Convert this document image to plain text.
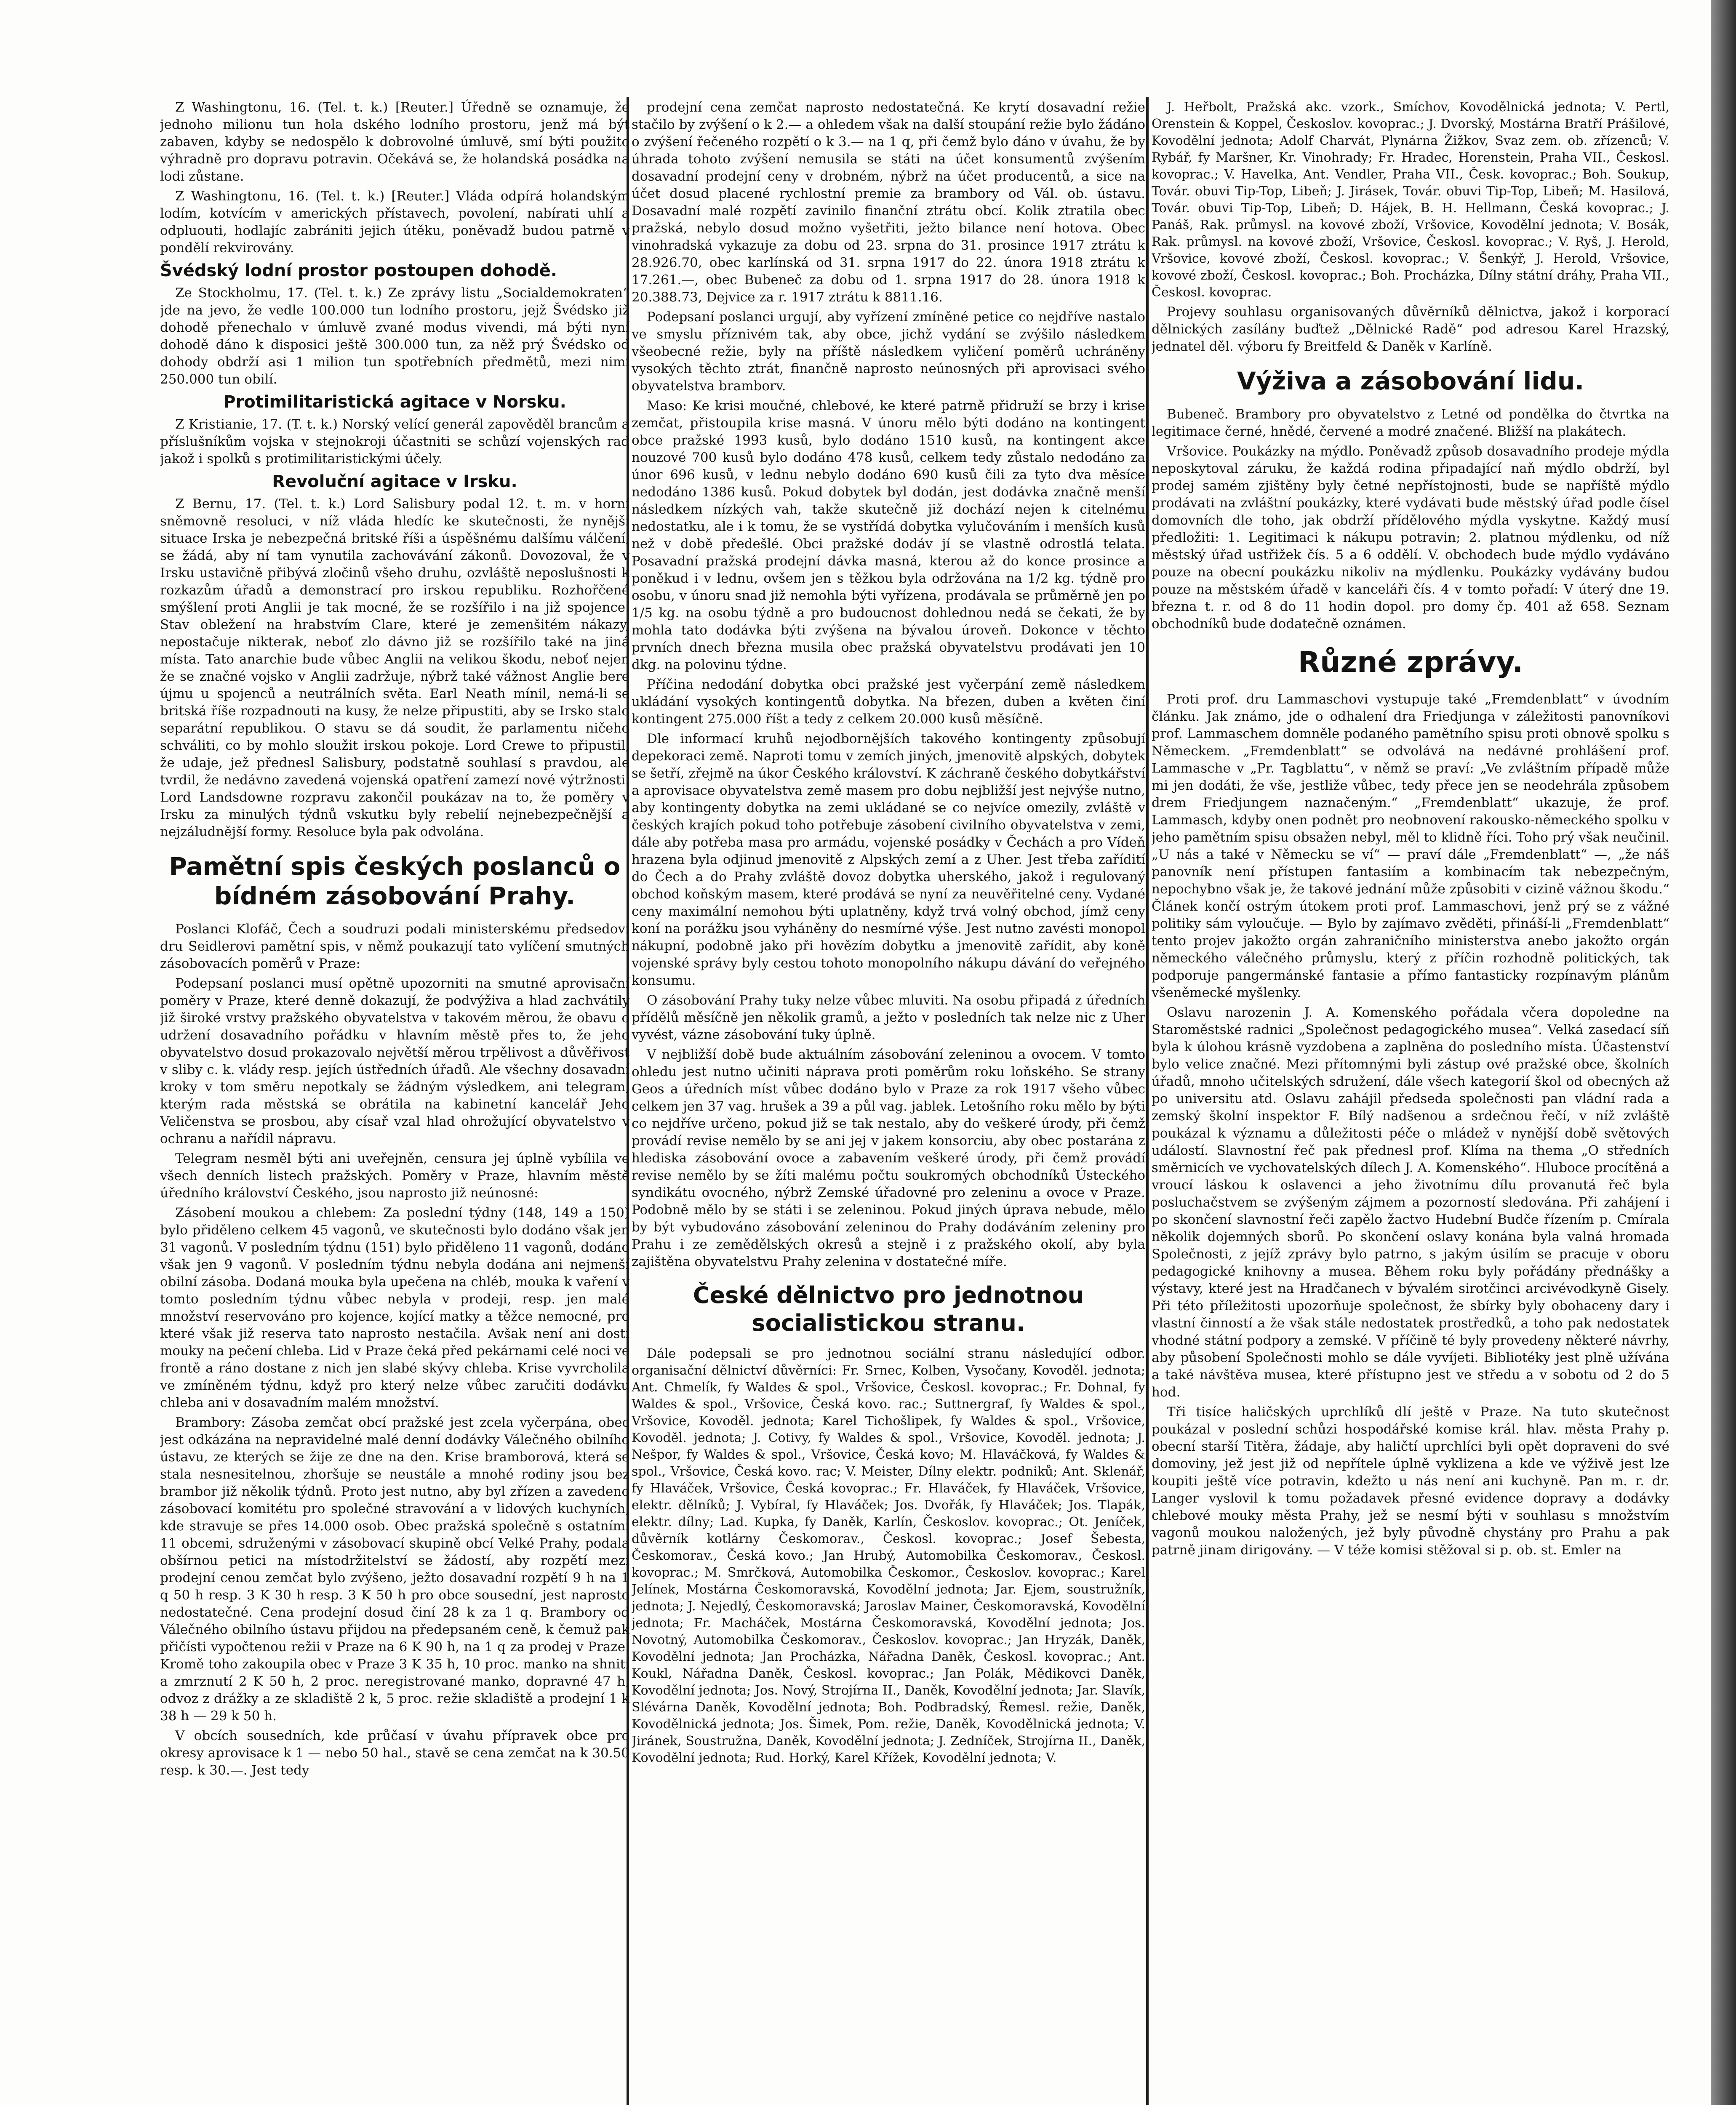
Z Washingtonu, 16. (Tel. t. k.) [Reuter.] Úředně se oznamuje, že jednoho milionu tun hola dského lodního prostoru, jenž má být zabaven, kdyby se nedospělo k dobrovolné úmluvě, smí býti použito výhradně pro dopravu potravin. Očekává se, že holandská posádka na lodi zůstane.

Z Washingtonu, 16. (Tel. t. k.) [Reuter.] Vláda odpírá holandským lodím, kotvícím v amerických přístavech, povolení, nabírati uhlí a odpluouti, hodlajíc zabrániti jejich útěku, poněvadž budou patrně v pondělí rekvirovány.

Švédský lodní prostor postoupen dohodě.

Ze Stockholmu, 17. (Tel. t. k.) Ze zprávy listu „Socialdemokraten“ jde na jevo, že vedle 100.000 tun lodního prostoru, jejž Švédsko již dohodě přenechalo v úmluvě zvané modus vivendi, má býti nyní dohodě dáno k disposici ještě 300.000 tun, za něž prý Švédsko od dohody obdrží asi 1 milion tun spotřebních předmětů, mezi nimi 250.000 tun obilí.

Protimilitaristická agitace v Norsku.

Z Kristianie, 17. (T. t. k.) Norský velící generál zapověděl brancům a příslušníkům vojska v stejnokroji účastniti se schůzí vojenských rad jakož i spolků s protimilitaristickými účely.

Revoluční agitace v Irsku.

Z Bernu, 17. (Tel. t. k.) Lord Salisbury podal 12. t. m. v horní sněmovně resoluci, v níž vláda hledíc ke skutečnosti, že nynější situace Irska je nebezpečná britské říši a úspěšnému dalšímu válčení, se žádá, aby ní tam vynutila zachovávání zákonů. Dovozoval, že v Irsku ustavičně přibývá zločinů všeho druhu, ozvláště neposlušnosti k rozkazům úřadů a demonstrací pro irskou republiku. Rozhořčené smýšlení proti Anglii je tak mocné, že se rozšířilo i na již spojence. Stav obležení na hrabstvím Clare, které je zemenšitém nákazy, nepostačuje nikterak, neboť zlo dávno již se rozšířilo také na jiná místa. Tato anarchie bude vůbec Anglii na velikou škodu, neboť nejen že se značné vojsko v Anglii zadržuje, nýbrž také vážnost Anglie bere újmu u spojenců a neutrálních světa. Earl Neath mínil, nemá-li se britská říše rozpadnouti na kusy, že nelze připustiti, aby se Irsko stalo separátní republikou. O stavu se dá soudit, že parlamentu ničeho schváliti, co by mohlo sloužit irskou pokoje. Lord Crewe to připustil, že udaje, jež přednesl Salisbury, podstatně souhlasí s pravdou, ale tvrdil, že nedávno zavedená vojenská opatření zamezí nové výtržnosti. Lord Landsdowne rozpravu zakončil poukázav na to, že poměry v Irsku za minulých týdnů vskutku byly rebelií nejnebezpečnější a nejzáludnější formy. Resoluce byla pak odvolána.

Pamětní spis českých poslanců o bídném zásobování Prahy.

Poslanci Klofáč, Čech a soudruzi podali ministerskému předsedovi dru Seidlerovi pamětní spis, v němž poukazují tato vylíčení smutných zásobovacích poměrů v Praze:

Podepsaní poslanci musí opětně upozorniti na smutné aprovisační poměry v Praze, které denně dokazují, že podvýživa a hlad zachvátily již široké vrstvy pražského obyvatelstva v takovém měrou, že obavu o udržení dosavadního pořádku v hlavním městě přes to, že jeho obyvatelstvo dosud prokazovalo největší měrou trpělivost a důvěřivost v sliby c. k. vlády resp. jejích ústředních úřadů. Ale všechny dosavadní kroky v tom směru nepotkaly se žádným výsledkem, ani telegram, kterým rada městská se obrátila na kabinetní kancelář Jeho Veličenstva se prosbou, aby císař vzal hlad ohrožující obyvatelstvo v ochranu a nařídil nápravu.

Telegram nesměl býti ani uveřejněn, censura jej úplně vybílila ve všech denních listech pražských. Poměry v Praze, hlavním městě úředního království Českého, jsou naprosto již neúnosné:

Zásobení moukou a chlebem: Za poslední týdny (148, 149 a 150) bylo přiděleno celkem 45 vagonů, ve skutečnosti bylo dodáno však jen 31 vagonů. V posledním týdnu (151) bylo přiděleno 11 vagonů, dodáno však jen 9 vagonů. V posledním týdnu nebyla dodána ani nejmenší obilní zásoba. Dodaná mouka byla upečena na chléb, mouka k vaření v tomto posledním týdnu vůbec nebyla v prodeji, resp. jen malé množství reservováno pro kojence, kojící matky a těžce nemocné, pro které však již reserva tato naprosto nestačila. Avšak není ani dosti mouky na pečení chleba. Lid v Praze čeká před pekárnami celé noci ve frontě a ráno dostane z nich jen slabé skývy chleba. Krise vyvrcholila ve zmíněném týdnu, když pro který nelze vůbec zaručiti dodávku chleba ani v dosavadním malém množství.

Brambory: Zásoba zemčat obcí pražské jest zcela vyčerpána, obec jest odkázána na nepravidelné malé denní dodávky Válečného obilního ústavu, ze kterých se žije ze dne na den. Krise bramborová, která se stala nesnesitelnou, zhoršuje se neustále a mnohé rodiny jsou bez brambor již několik týdnů. Proto jest nutno, aby byl zřízen a zavedeno zásobovací komitétu pro společné stravování a v lidových kuchyních, kde stravuje se přes 14.000 osob. Obec pražská společně s ostatními 11 obcemi, sdruženými v zásobovací skupině obcí Velké Prahy, podala obšírnou petici na místodržitelství se žádostí, aby rozpětí mezi prodejní cenou zemčat bylo zvýšeno, ježto dosavadní rozpětí 9 h na 1 q 50 h resp. 3 K 30 h resp. 3 K 50 h pro obce sousední, jest naprosto nedostatečné. Cena prodejní dosud činí 28 k za 1 q. Brambory od Válečného obilního ústavu přijdou na předepsaném ceně, k čemuž pak přičísti vypočtenou režii v Praze na 6 K 90 h, na 1 q za prodej v Praze. Kromě toho zakoupila obec v Praze 3 K 35 h, 10 proc. manko na shnití a zmrznutí 2 K 50 h, 2 proc. neregistrované manko, dopravné 47 h, odvoz z drážky a ze skladiště 2 k, 5 proc. režie skladiště a prodejní 1 k 38 h — 29 k 50 h.

V obcích sousedních, kde průčasí v úvahu přípravek obce pro okresy aprovisace k 1 — nebo 50 hal., stavě se cena zemčat na k 30.50 resp. k 30.—. Jest tedy

prodejní cena zemčat naprosto nedostatečná. Ke krytí dosavadní režie stačilo by zvýšení o k 2.— a ohledem však na další stoupání režie bylo žádáno o zvýšení řečeného rozpětí o k 3.— na 1 q, při čemž bylo dáno v úvahu, že by úhrada tohoto zvýšení nemusila se státi na účet konsumentů zvýšením dosavadní prodejní ceny v drobném, nýbrž na účet producentů, a sice na účet dosud placené rychlostní premie za brambory od Vál. ob. ústavu. Dosavadní malé rozpětí zavinilo finanční ztrátu obcí. Kolik ztratila obec pražská, nebylo dosud možno vyšetřiti, ježto bilance není hotova. Obec vinohradská vykazuje za dobu od 23. srpna do 31. prosince 1917 ztrátu k 28.926.70, obec karlínská od 31. srpna 1917 do 22. února 1918 ztrátu k 17.261.—, obec Bubeneč za dobu od 1. srpna 1917 do 28. února 1918 k 20.388.73, Dejvice za r. 1917 ztrátu k 8811.16.

Podepsaní poslanci urgují, aby vyřízení zmíněné petice co nejdříve nastalo ve smyslu příznivém tak, aby obce, jichž vydání se zvýšilo následkem všeobecné režie, byly na příště následkem vyličení poměrů uchráněny vysokých těchto ztrát, finančně naprosto neúnosných při aprovisaci svého obyvatelstva bramborv.

Maso: Ke krisi moučné, chlebové, ke které patrně přidruží se brzy i krise zemčat, přistoupila krise masná. V únoru mělo býti dodáno na kontingent obce pražské 1993 kusů, bylo dodáno 1510 kusů, na kontingent akce nouzové 700 kusů bylo dodáno 478 kusů, celkem tedy zůstalo nedodáno za únor 696 kusů, v lednu nebylo dodáno 690 kusů čili za tyto dva měsíce nedodáno 1386 kusů. Pokud dobytek byl dodán, jest dodávka značně menší následkem nízkých vah, takže skutečně již dochází nejen k citelnému nedostatku, ale i k tomu, že se vystřídá dobytka vylučováním i menších kusů než v době předešlé. Obci pražské dodáv jí se vlastně odrostlá telata. Posavadní pražská prodejní dávka masná, kterou až do konce prosince a poněkud i v lednu, ovšem jen s těžkou byla održována na 1/2 kg. týdně pro osobu, v únoru snad již nemohla býti vyřízena, prodávala se průměrně jen po 1/5 kg. na osobu týdně a pro budoucnost dohlednou nedá se čekati, že by mohla tato dodávka býti zvýšena na bývalou úroveň. Dokonce v těchto prvních dnech března musila obec pražská obyvatelstvu prodávati jen 10 dkg. na polovinu týdne.

Příčina nedodání dobytka obci pražské jest vyčerpání země následkem ukládání vysokých kontingentů dobytka. Na březen, duben a květen činí kontingent 275.000 říšt a tedy z celkem 20.000 kusů měsíčně.

Dle informací kruhů nejodbornějších takového kontingenty způsobují depekoraci země. Naproti tomu v zemích jiných, jmenovitě alpských, dobytek se šetří, zřejmě na úkor Českého království. K záchraně českého dobytkářství a aprovisace obyvatelstva země masem pro dobu nejbližší jest nejvýše nutno, aby kontingenty dobytka na zemi ukládané se co nejvíce omezily, zvláště v českých krajích pokud toho potřebuje zásobení civilního obyvatelstva v zemi, dále aby potřeba masa pro armádu, vojenské posádky v Čechách a pro Vídeň hrazena byla odjinud jmenovitě z Alpských zemí a z Uher. Jest třeba zařídití do Čech a do Prahy zvláště dovoz dobytka uherského, jakož i regulovaný obchod koňským masem, které prodává se nyní za neuvěřitelné ceny. Vydané ceny maximální nemohou býti uplatněny, když trvá volný obchod, jímž ceny koní na porážku jsou vyháněny do nesmírné výše. Jest nutno zavésti monopol nákupní, podobně jako při hovězím dobytku a jmenovitě zařídit, aby koně vojenské správy byly cestou tohoto monopolního nákupu dávání do veřejného konsumu.

O zásobování Prahy tuky nelze vůbec mluviti. Na osobu připadá z úředních přídělů měsíčně jen několik gramů, a ježto v posledních tak nelze nic z Uher vyvést, vázne zásobování tuky úplně.

V nejbližší době bude aktuálním zásobování zeleninou a ovocem. V tomto ohledu jest nutno učiniti náprava proti poměrům roku loňského. Se strany Geos a úředních míst vůbec dodáno bylo v Praze za rok 1917 všeho vůbec celkem jen 37 vag. hrušek a 39 a půl vag. jablek. Letošního roku mělo by býti co nejdříve určeno, pokud již se tak nestalo, aby do veškeré úrody, při čemž provádí revise nemělo by se ani jej v jakem konsorciu, aby obec postarána z hlediska zásobování ovoce a zabavením veškeré úrody, při čemž provádí revise nemělo by se žíti malému počtu soukromých obchodníků Ústeckého syndikátu ovocného, nýbrž Zemské úřadovné pro zeleninu a ovoce v Praze. Podobně mělo by se státi i se zeleninou. Pokud jiných úprava nebude, mělo by být vybudováno zásobování zeleninou do Prahy dodáváním zeleniny pro Prahu i ze zemědělských okresů a stejně i z pražského okolí, aby byla zajištěna obyvatelstvu Prahy zelenina v dostatečné míře.

České dělnictvo pro jednotnou socialistickou stranu.

Dále podepsali se pro jednotnou sociální stranu následující odbor. organisační dělnictví důvěrníci: Fr. Srnec, Kolben, Vysočany, Kovoděl. jednota; Ant. Chmelík, fy Waldes & spol., Vršovice, Českosl. kovoprac.; Fr. Dohnal, fy Waldes & spol., Vršovice, Česká kovo. rac.; Suttnergraf, fy Waldes & spol., Vršovice, Kovoděl. jednota; Karel Tichošlipek, fy Waldes & spol., Vršovice, Kovoděl. jednota; J. Cotivy, fy Waldes & spol., Vršovice, Kovoděl. jednota; J. Nešpor, fy Waldes & spol., Vršovice, Česká kovo; M. Hlaváčková, fy Waldes & spol., Vršovice, Česká kovo. rac; V. Meister, Dílny elektr. podniků; Ant. Sklenář, fy Hlaváček, Vršovice, Česká kovoprac.; Fr. Hlaváček, fy Hlaváček, Vršovice, elektr. dělníků; J. Vybíral, fy Hlaváček; Jos. Dvořák, fy Hlaváček; Jos. Tlapák, elektr. dílny; Lad. Kupka, fy Daněk, Karlín, Českoslov. kovoprac.; Ot. Jeníček, důvěrník kotlárny Českomorav., Českosl. kovoprac.; Josef Šebesta, Českomorav., Česká kovo.; Jan Hrubý, Automobilka Českomorav., Českosl. kovoprac.; M. Smrčková, Automobilka Českomor., Českoslov. kovoprac.; Karel Jelínek, Mostárna Českomoravská, Kovodělní jednota; Jar. Ejem, soustružník, jednota; J. Nejedlý, Českomoravská; Jaroslav Mainer, Českomoravská, Kovodělní jednota; Fr. Macháček, Mostárna Českomoravská, Kovodělní jednota; Jos. Novotný, Automobilka Českomorav., Českoslov. kovoprac.; Jan Hryzák, Daněk, Kovodělní jednota; Jan Procházka, Nářadna Daněk, Českosl. kovoprac.; Ant. Koukl, Nářadna Daněk, Českosl. kovoprac.; Jan Polák, Mědikovci Daněk, Kovodělní jednota; Jos. Nový, Strojírna II., Daněk, Kovodělní jednota; Jar. Slavík, Slévárna Daněk, Kovodělní jednota; Boh. Podbradský, Řemesl. režie, Daněk, Kovodělnická jednota; Jos. Šimek, Pom. režie, Daněk, Kovodělnická jednota; V. Jiránek, Soustružna, Daněk, Kovodělní jednota; J. Zedníček, Strojírna II., Daněk, Kovodělní jednota; Rud. Horký, Karel Křížek, Kovodělní jednota; V.

J. Heřbolt, Pražská akc. vzork., Smíchov, Kovodělnická jednota; V. Pertl, Orenstein & Koppel, Českoslov. kovoprac.; J. Dvorský, Mostárna Bratří Prášilové, Kovodělní jednota; Adolf Charvát, Plynárna Žižkov, Svaz zem. ob. zřízenců; V. Rybář, fy Maršner, Kr. Vinohrady; Fr. Hradec, Horenstein, Praha VII., Českosl. kovoprac.; V. Havelka, Ant. Vendler, Praha VII., Česk. kovoprac.; Boh. Soukup, Továr. obuvi Tip-Top, Libeň; J. Jirásek, Továr. obuvi Tip-Top, Libeň; M. Hasilová, Továr. obuvi Tip-Top, Libeň; D. Hájek, B. H. Hellmann, Česká kovoprac.; J. Panáš, Rak. průmysl. na kovové zboží, Vršovice, Kovodělní jednota; V. Bosák, Rak. průmysl. na kovové zboží, Vršovice, Českosl. kovoprac.; V. Ryš, J. Herold, Vršovice, kovové zboží, Českosl. kovoprac.; V. Šenkýř, J. Herold, Vršovice, kovové zboží, Českosl. kovoprac.; Boh. Procházka, Dílny státní dráhy, Praha VII., Českosl. kovoprac.

Projevy souhlasu organisovaných důvěrníků dělnictva, jakož i korporací dělnických zasílány buďtež „Dělnické Radě“ pod adresou Karel Hrazský, jednatel děl. výboru fy Breitfeld & Daněk v Karlíně.

Výživa a zásobování lidu.

Bubeneč. Brambory pro obyvatelstvo z Letné od pondělka do čtvrtka na legitimace černé, hnědé, červené a modré značené. Bližší na plakátech.

Vršovice. Poukázky na mýdlo. Poněvadž způsob dosavadního prodeje mýdla neposkytoval záruku, že každá rodina připadající naň mýdlo obdrží, byl prodej samém zjištěny byly četné nepřístojnosti, bude se napříště mýdlo prodávati na zvláštní poukázky, které vydávati bude městský úřad podle čísel domovních dle toho, jak obdrží přídělového mýdla vyskytne. Každý musí předložiti: 1. Legitimaci k nákupu potravin; 2. platnou mýdlenku, od níž městský úřad ustřižek čís. 5 a 6 oddělí. V. obchodech bude mýdlo vydáváno pouze na obecní poukázku nikoliv na mýdlenku. Poukázky vydávány budou pouze na městském úřadě v kanceláři čís. 4 v tomto pořadí: V úterý dne 19. března t. r. od 8 do 11 hodin dopol. pro domy čp. 401 až 658. Seznam obchodníků bude dodatečně oznámen.

Různé zprávy.

Proti prof. dru Lammaschovi vystupuje také „Fremdenblatt“ v úvodním článku. Jak známo, jde o odhalení dra Friedjunga v záležitosti panovníkovi prof. Lammaschem domněle podaného pamětního spisu proti obnově spolku s Německem. „Fremdenblatt“ se odvolává na nedávné prohlášení prof. Lammasche v „Pr. Tagblattu“, v němž se praví: „Ve zvláštním případě může mi jen dodáti, že vše, jestliže vůbec, tedy přece jen se neodehrála způsobem drem Friedjungem naznačeným.“ „Fremdenblatt“ ukazuje, že prof. Lammasch, kdyby onen podnět pro neobnovení rakousko-německého spolku v jeho pamětním spisu obsažen nebyl, měl to klidně říci. Toho prý však neučinil. „U nás a také v Německu se ví“ — praví dále „Fremdenblatt“ —, „že náš panovník není přístupen fantasiím a kombinacím tak nebezpečným, nepochybno však je, že takové jednání může způsobiti v cizině vážnou škodu.“ Článek končí ostrým útokem proti prof. Lammaschovi, jenž prý se z vážné politiky sám vyloučuje. — Bylo by zajímavo zvěděti, přináší-li „Fremdenblatt“ tento projev jakožto orgán zahraničního ministerstva anebo jakožto orgán německého válečného průmyslu, který z příčin rozhodně politických, tak podporuje pangermánské fantasie a přímo fantasticky rozpínavým plánům všeněmecké myšlenky.

Oslavu narozenin J. A. Komenského pořádala včera dopoledne na Staroměstské radnici „Společnost pedagogického musea“. Velká zasedací síň byla k úlohou krásně vyzdobena a zaplněna do posledního místa. Účastenství bylo velice značné. Mezi přítomnými byli zástup ové pražské obce, školních úřadů, mnoho učitelských sdružení, dále všech kategorií škol od obecných až po universitu atd. Oslavu zahájil předseda společnosti pan vládní rada a zemský školní inspektor F. Bílý nadšenou a srdečnou řečí, v níž zvláště poukázal k významu a důležitosti péče o mládež v nynější době světových událostí. Slavnostní řeč pak přednesl prof. Klíma na thema „O středních směrnicích ve vychovatelských dílech J. A. Komenského“. Hluboce procítěná a vroucí láskou k oslavenci a jeho životnímu dílu provanutá řeč byla posluchačstvem se zvýšeným zájmem a pozorností sledována. Při zahájení i po skončení slavnostní řeči zapělo žactvo Hudební Budče řízením p. Cmírala několik dojemných sborů. Po skončení oslavy konána byla valná hromada Společnosti, z jejíž zprávy bylo patrno, s jakým úsilím se pracuje v oboru pedagogické knihovny a musea. Během roku byly pořádány přednášky a výstavy, které jest na Hradčanech v bývalém sirotčinci arcivévodkyně Gisely. Při této příležitosti upozorňuje společnost, že sbírky byly obohaceny dary i vlastní činností a že však stále nedostatek prostředků, a toho pak nedostatek vhodné státní podpory a zemské. V příčině té byly provedeny některé návrhy, aby působení Společnosti mohlo se dále vyvíjeti. Bibliotéky jest plně užívána a také návštěva musea, které přístupno jest ve středu a v sobotu od 2 do 5 hod.

Tři tisíce haličských uprchlíků dlí ještě v Praze. Na tuto skutečnost poukázal v poslední schůzi hospodářské komise král. hlav. města Prahy p. obecní starší Titěra, žádaje, aby haličtí uprchlíci byli opět dopraveni do své domoviny, jež jest již od nepřítele úplně vyklizena a kde ve výživě jest lze koupiti ještě více potravin, kdežto u nás není ani kuchyně. Pan m. r. dr. Langer vyslovil k tomu požadavek přesné evidence dopravy a dodávky chlebové mouky města Prahy, jež se nesmí býti v souhlasu s množstvím vagonů moukou naložených, jež byly původně chystány pro Prahu a pak patrně jinam dirigovány. — V téže komisi stěžoval si p. ob. st. Emler na
